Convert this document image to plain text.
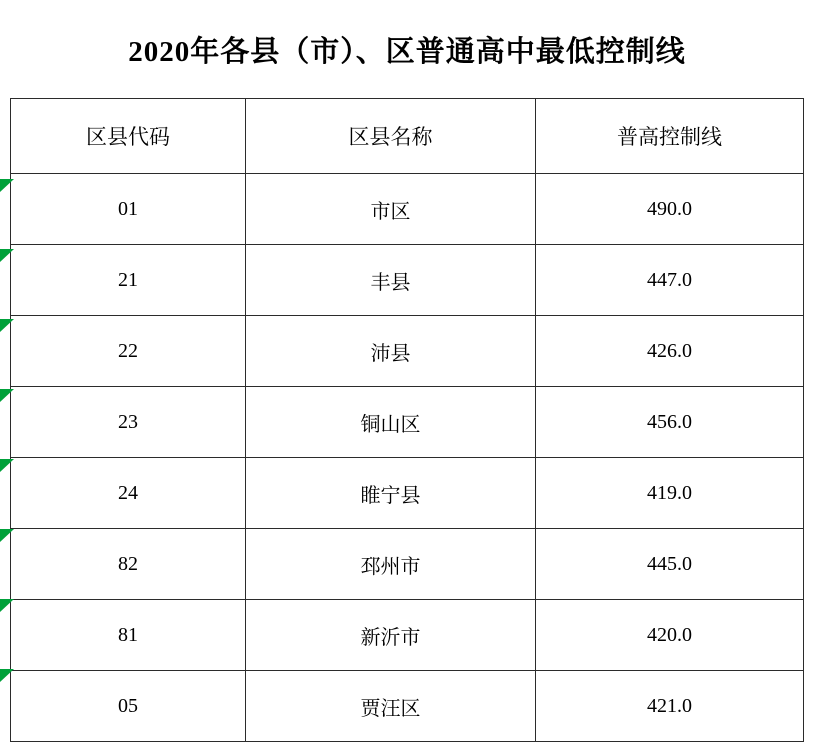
2020年各县（市）、区普通高中最低控制线		
区县代码	区县名称	普高控制线
01	市区	490.0
21	丰县	447.0
22	沛县	426.0
23	铜山区	456.0
24	睢宁县	419.0
82	邳州市	445.0
81	新沂市	420.0
05	贾汪区	421.0
